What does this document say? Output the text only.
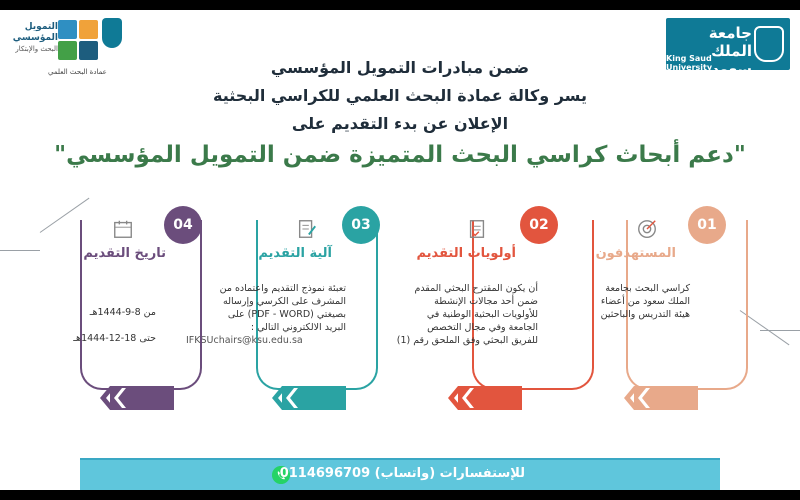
جامعة الملك سعود
King Saud University
التمويل المؤسسي
البحث والإبتكار
عمادة البحث العلمي	ضمن مبادرات التمويل المؤسسي
يسر وكالة عمادة البحث العلمي للكراسي البحثية
الإعلان عن بدء التقديم على
"دعم أبحاث كراسي البحث المتميزة ضمن التمويل المؤسسي"
01
المستهدفون
كراسي البحث بجامعة
الملك سعود من أعضاء
هيئة التدريس والباحثين
02
أولويات التقديم
أن يكون المقترح البحثي المقدم
ضمن أحد مجالات الإنشطة
للأولويات البحثية الوطنية في
الجامعة وفي مجال التخصص
للفريق البحثي وفق الملحق رقم (1)
03
آلية التقديم
تعبئة نموذج التقديم واعتماده من
المشرف على الكرسي وإرساله
بصيغتي (PDF - WORD) على
البريد الالكتروني التالي :
IFKSUchairs@ksu.edu.sa
04
تاريخ التقديم
من 8-9-1444هـ
حتى 18-12-1444هـ
للإستفسارات (واتساب) 0114696709
